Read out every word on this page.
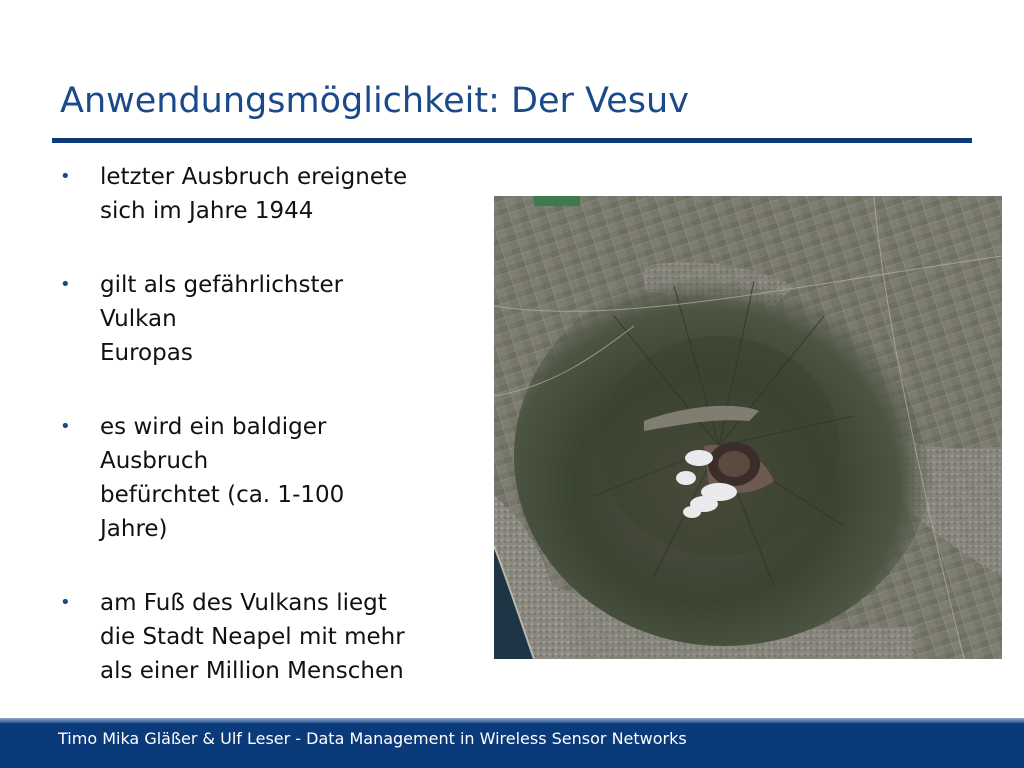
Anwendungsmöglichkeit: Der Vesuv
• letzter Ausbruch ereignete
sich im Jahre 1944
• gilt als gefährlichster
Vulkan
Europas
• es wird ein baldiger
Ausbruch
befürchtet (ca. 1-100
Jahre)
• am Fuß des Vulkans liegt
die Stadt Neapel mit mehr
als einer Million Menschen
Timo Mika Gläßer & Ulf Leser - Data Management in Wireless Sensor Networks
